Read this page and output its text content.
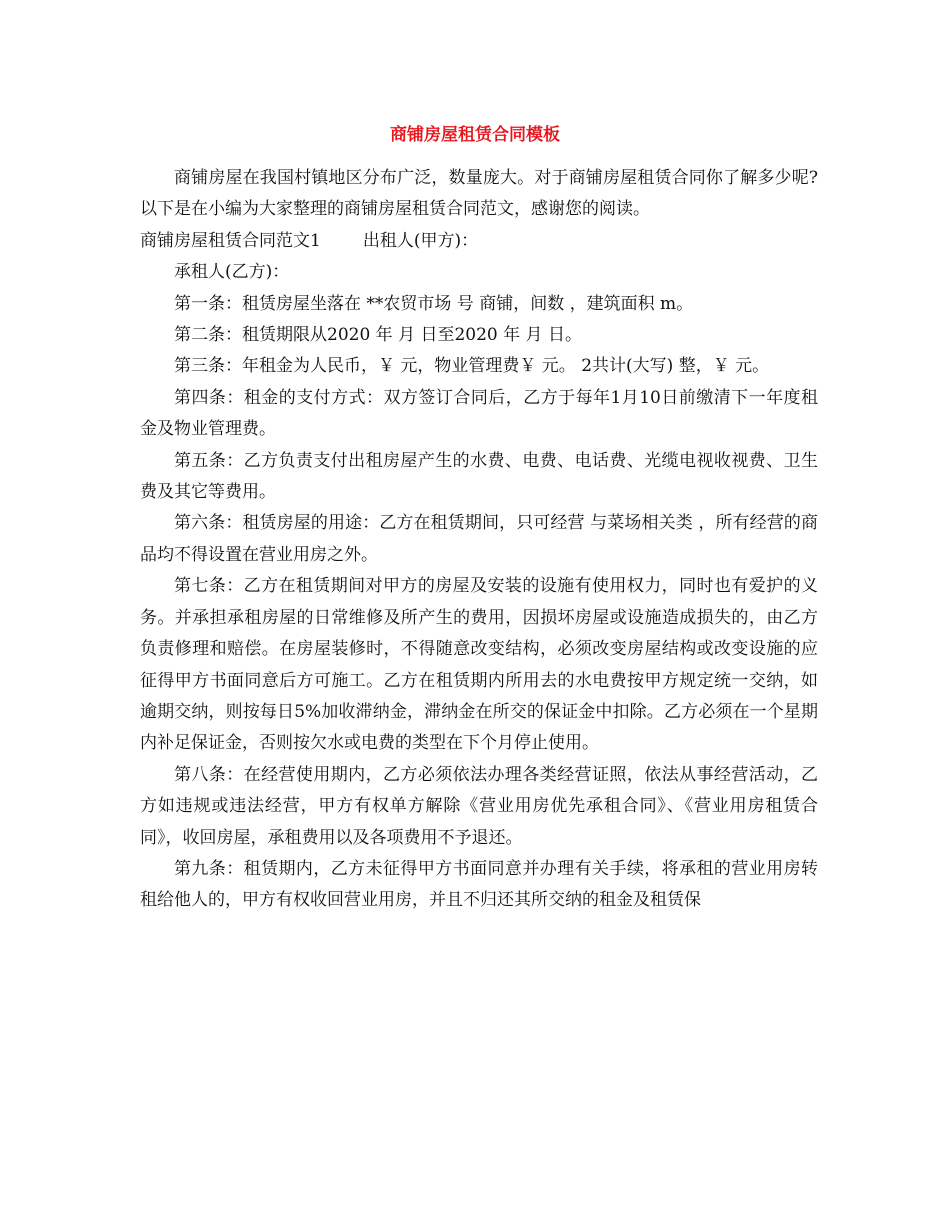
商铺房屋租赁合同模板

商铺房屋在我国村镇地区分布广泛，数量庞大。对于商铺房屋租赁合同你了解多少呢?以下是在小编为大家整理的商铺房屋租赁合同范文，感谢您的阅读。

商铺房屋租赁合同范文1 出租人(甲方)：

承租人(乙方)：

第一条：租赁房屋坐落在 **农贸市场 号 商铺，间数 ，建筑面积 m。

第二条：租赁期限从2020 年 月 日至2020 年 月 日。

第三条：年租金为人民币，￥ 元，物业管理费￥ 元。 2共计(大写) 整，￥ 元。

第四条：租金的支付方式：双方签订合同后，乙方于每年1月10日前缴清下一年度租金及物业管理费。

第五条：乙方负责支付出租房屋产生的水费、电费、电话费、光缆电视收视费、卫生费及其它等费用。

第六条：租赁房屋的用途：乙方在租赁期间，只可经营 与菜场相关类 ，所有经营的商品均不得设置在营业用房之外。

第七条：乙方在租赁期间对甲方的房屋及安装的设施有使用权力，同时也有爱护的义务。并承担承租房屋的日常维修及所产生的费用，因损坏房屋或设施造成损失的，由乙方负责修理和赔偿。在房屋装修时，不得随意改变结构，必须改变房屋结构或改变设施的应征得甲方书面同意后方可施工。乙方在租赁期内所用去的水电费按甲方规定统一交纳，如逾期交纳，则按每日5%加收滞纳金，滞纳金在所交的保证金中扣除。乙方必须在一个星期内补足保证金，否则按欠水或电费的类型在下个月停止使用。

第八条：在经营使用期内，乙方必须依法办理各类经营证照，依法从事经营活动，乙方如违规或违法经营，甲方有权单方解除《营业用房优先承租合同》、《营业用房租赁合同》，收回房屋，承租费用以及各项费用不予退还。

第九条：租赁期内，乙方未征得甲方书面同意并办理有关手续，将承租的营业用房转租给他人的，甲方有权收回营业用房，并且不归还其所交纳的租金及租赁保
